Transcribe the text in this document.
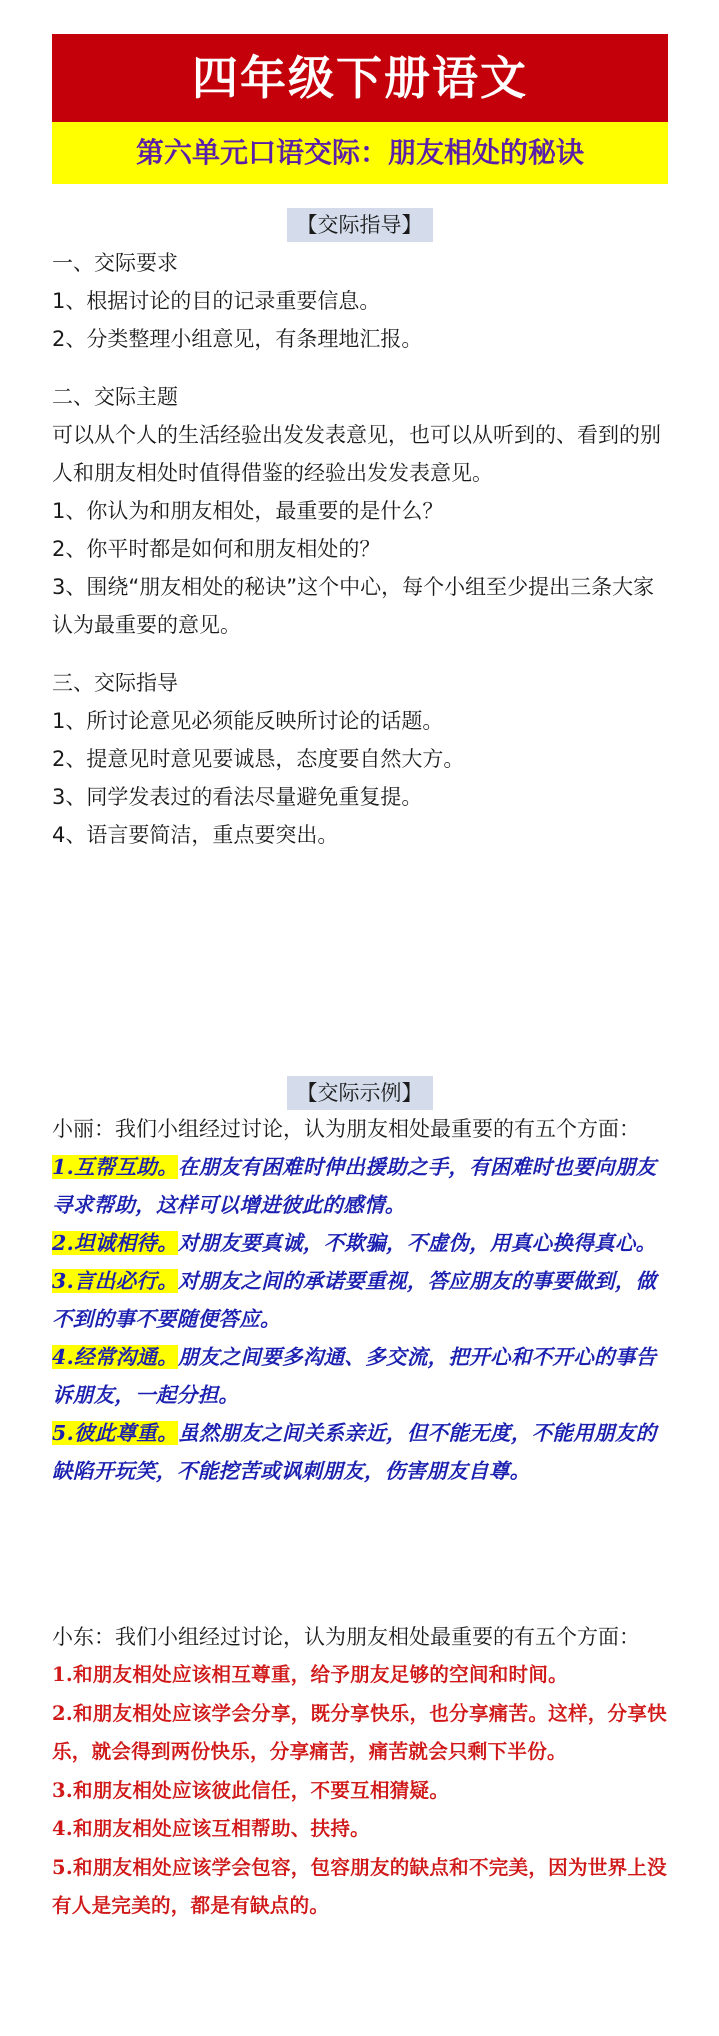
四年级下册语文
第六单元口语交际：朋友相处的秘诀
【交际指导】

一、交际要求

1、根据讨论的目的记录重要信息。

2、分类整理小组意见，有条理地汇报。

二、交际主题

可以从个人的生活经验出发发表意见，也可以从听到的、看到的别人和朋友相处时值得借鉴的经验出发发表意见。

1、你认为和朋友相处，最重要的是什么？

2、你平时都是如何和朋友相处的？

3、围绕“朋友相处的秘诀”这个中心，每个小组至少提出三条大家认为最重要的意见。

三、交际指导

1、所讨论意见必须能反映所讨论的话题。

2、提意见时意见要诚恳，态度要自然大方。

3、同学发表过的看法尽量避免重复提。

4、语言要简洁，重点要突出。

【交际示例】

小丽：我们小组经过讨论，认为朋友相处最重要的有五个方面：

1.互帮互助。在朋友有困难时伸出援助之手，有困难时也要向朋友寻求帮助，这样可以增进彼此的感情。

2.坦诚相待。对朋友要真诚，不欺骗，不虚伪，用真心换得真心。

3.言出必行。对朋友之间的承诺要重视，答应朋友的事要做到，做不到的事不要随便答应。

4.经常沟通。朋友之间要多沟通、多交流，把开心和不开心的事告诉朋友，一起分担。

5.彼此尊重。虽然朋友之间关系亲近，但不能无度，不能用朋友的缺陷开玩笑，不能挖苦或讽刺朋友，伤害朋友自尊。

小东：我们小组经过讨论，认为朋友相处最重要的有五个方面：

1.和朋友相处应该相互尊重，给予朋友足够的空间和时间。

2.和朋友相处应该学会分享，既分享快乐，也分享痛苦。这样，分享快乐，就会得到两份快乐，分享痛苦，痛苦就会只剩下半份。

3.和朋友相处应该彼此信任，不要互相猜疑。

4.和朋友相处应该互相帮助、扶持。

5.和朋友相处应该学会包容，包容朋友的缺点和不完美，因为世界上没有人是完美的，都是有缺点的。
